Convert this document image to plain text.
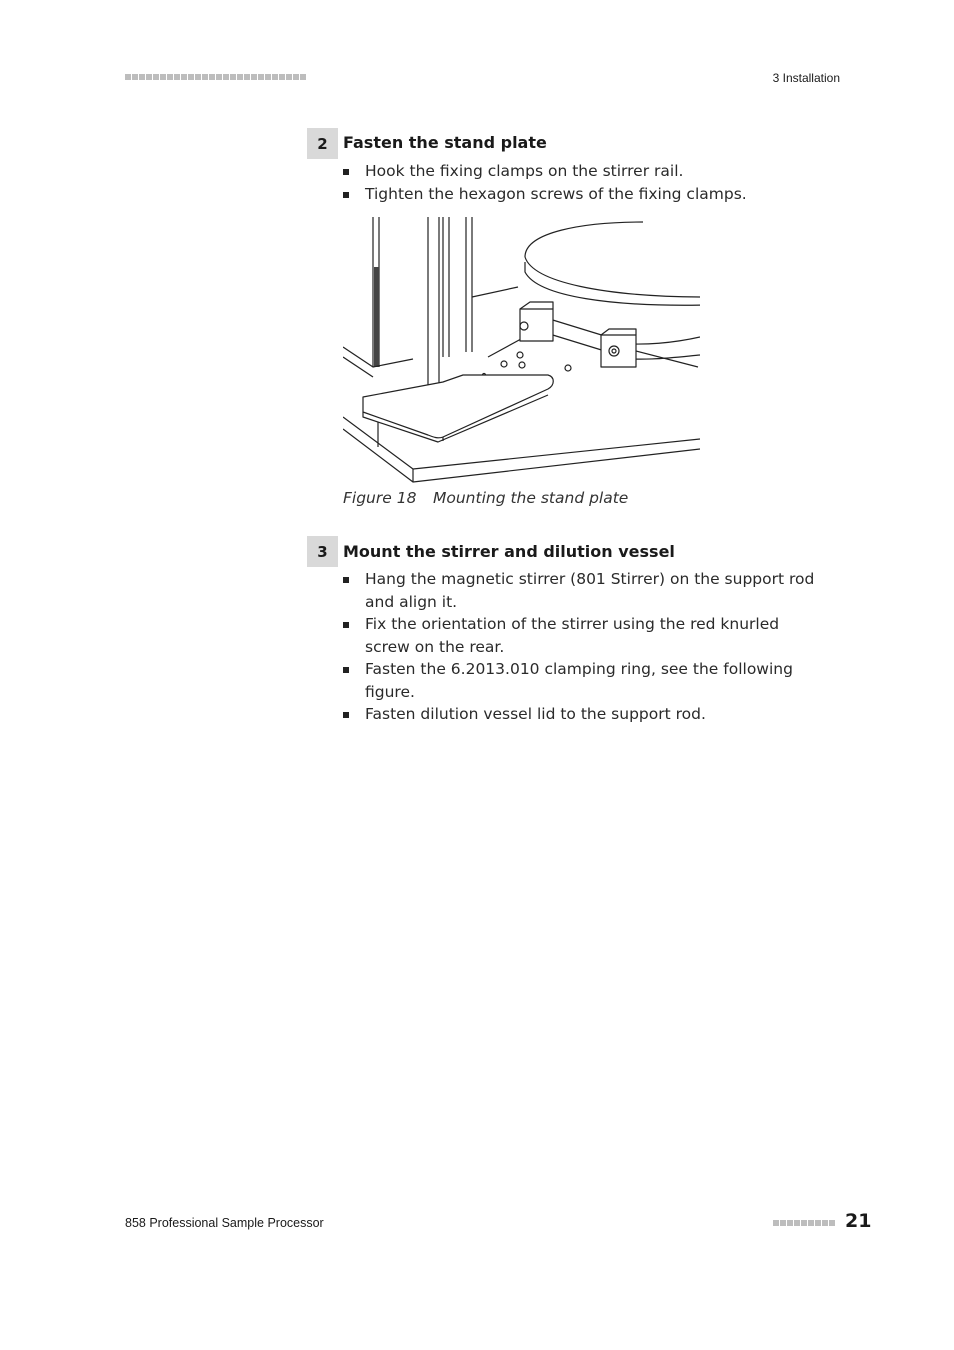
3 Installation
2 Fasten the stand plate
Hook the fixing clamps on the stirrer rail.
Tighten the hexagon screws of the fixing clamps.
Figure 18 Mounting the stand plate
3 Mount the stirrer and dilution vessel
Hang the magnetic stirrer (801 Stirrer) on the support rod and align it.
Fix the orientation of the stirrer using the red knurled screw on the rear.
Fasten the 6.2013.010 clamping ring, see the following figure.
Fasten dilution vessel lid to the support rod.
858 Professional Sample Processor	21
